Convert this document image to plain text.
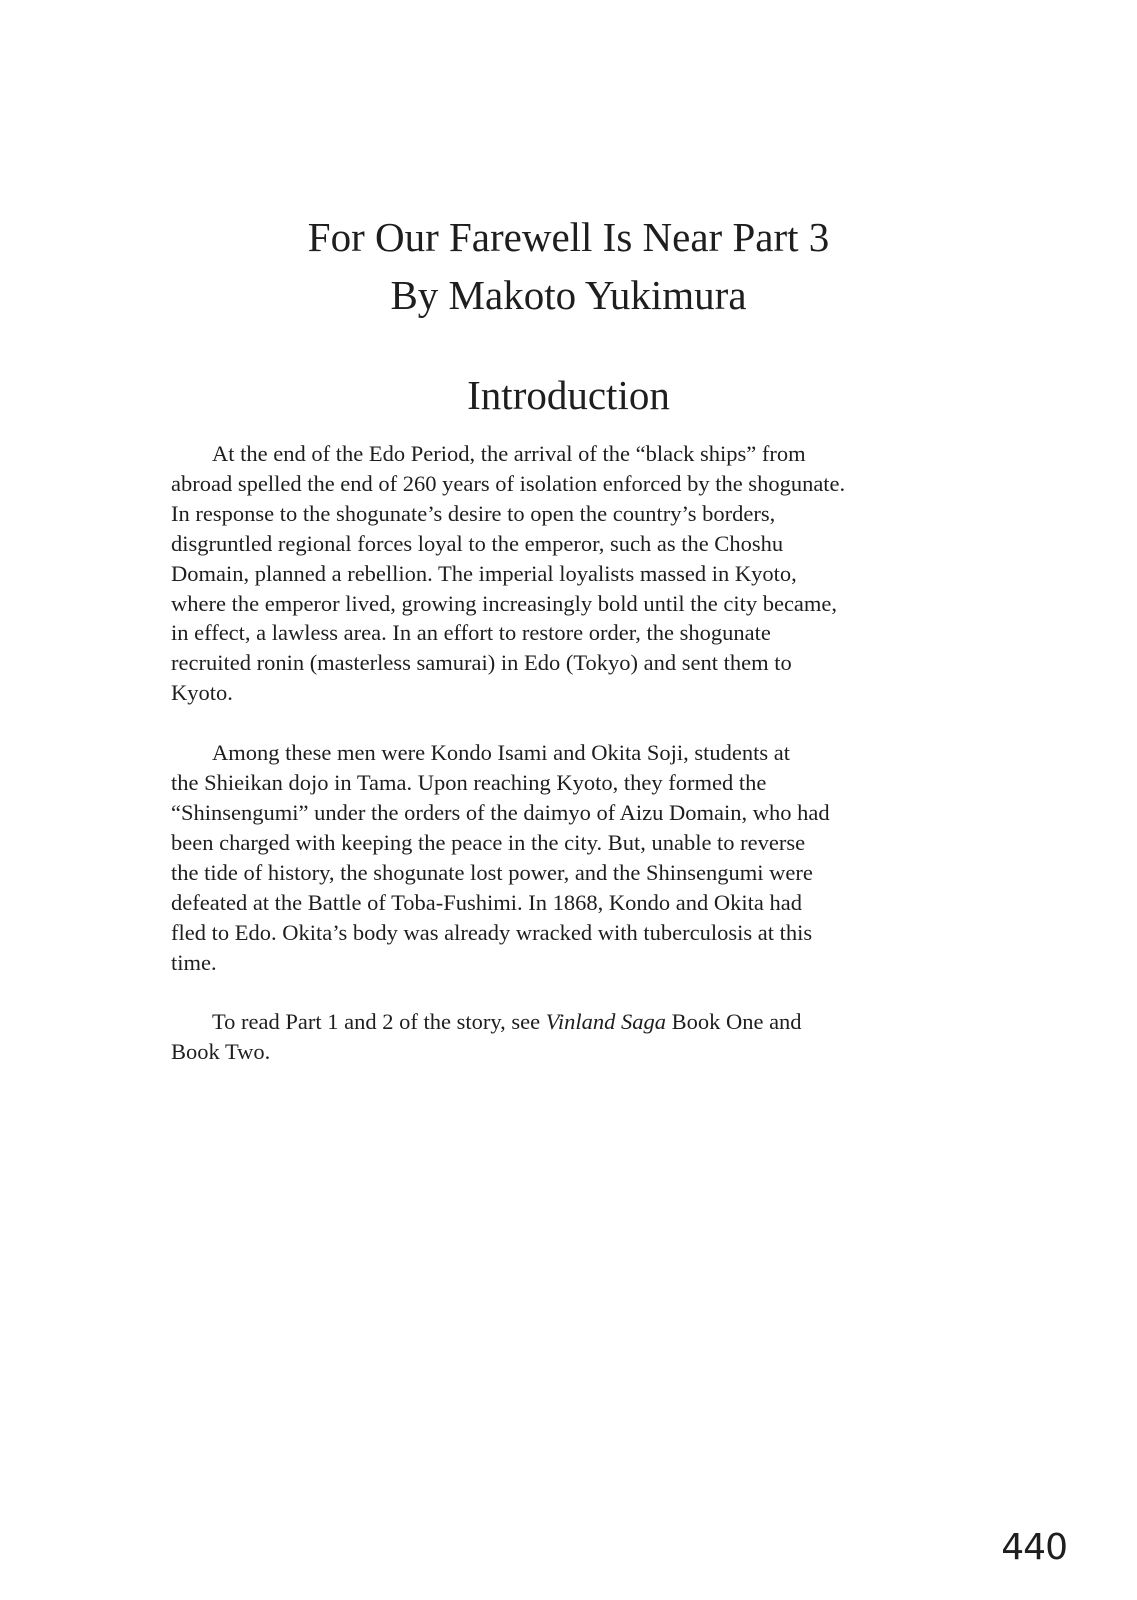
For Our Farewell Is Near Part 3

By Makoto Yukimura

Introduction

At the end of the Edo Period, the arrival of the “black ships” from
abroad spelled the end of 260 years of isolation enforced by the shogunate.
In response to the shogunate’s desire to open the country’s borders,
disgruntled regional forces loyal to the emperor, such as the Choshu
Domain, planned a rebellion. The imperial loyalists massed in Kyoto,
where the emperor lived, growing increasingly bold until the city became,
in effect, a lawless area. In an effort to restore order, the shogunate
recruited ronin (masterless samurai) in Edo (Tokyo) and sent them to
Kyoto.

Among these men were Kondo Isami and Okita Soji, students at
the Shieikan dojo in Tama. Upon reaching Kyoto, they formed the
“Shinsengumi” under the orders of the daimyo of Aizu Domain, who had
been charged with keeping the peace in the city. But, unable to reverse
the tide of history, the shogunate lost power, and the Shinsengumi were
defeated at the Battle of Toba-Fushimi. In 1868, Kondo and Okita had
fled to Edo. Okita’s body was already wracked with tuberculosis at this
time.

To read Part 1 and 2 of the story, see Vinland Saga Book One and
Book Two.

440
